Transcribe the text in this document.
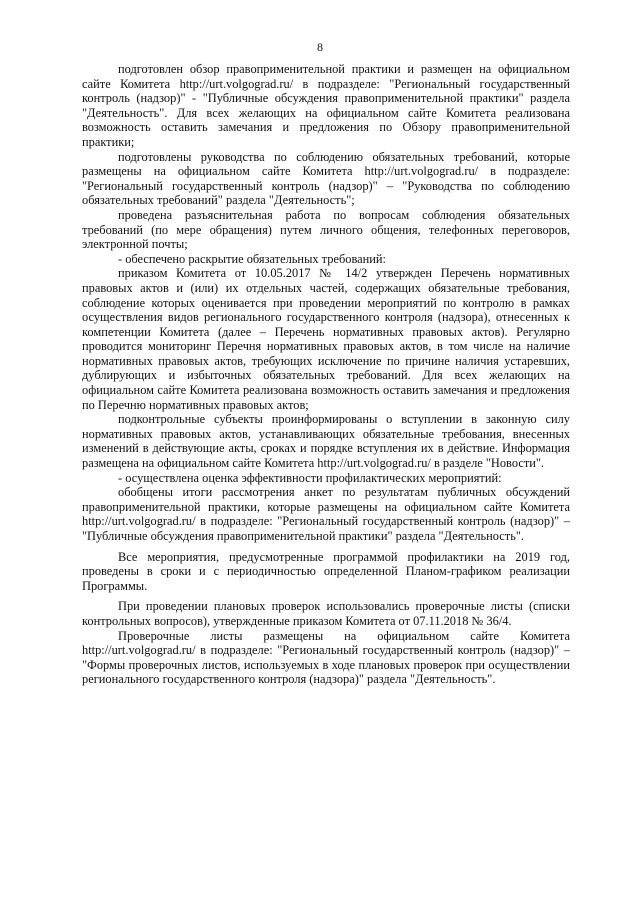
8

подготовлен обзор правоприменительной практики и размещен на официальном сайте Комитета http://urt.volgograd.ru/ в подразделе: "Региональный государственный контроль (надзор)" - "Публичные обсуждения правоприменительной практики" раздела "Деятельность". Для всех желающих на официальном сайте Комитета реализована возможность оставить замечания и предложения по Обзору правоприменительной практики;

подготовлены руководства по соблюдению обязательных требований, которые размещены на официальном сайте Комитета http://urt.volgograd.ru/ в подразделе: "Региональный государственный контроль (надзор)" – "Руководства по соблюдению обязательных требований" раздела "Деятельность";

проведена разъяснительная работа по вопросам соблюдения обязательных требований (по мере обращения) путем личного общения, телефонных переговоров, электронной почты;

- обеспечено раскрытие обязательных требований:

приказом Комитета от 10.05.2017 № 14/2 утвержден Перечень нормативных правовых актов и (или) их отдельных частей, содержащих обязательные требования, соблюдение которых оценивается при проведении мероприятий по контролю в рамках осуществления видов регионального государственного контроля (надзора), отнесенных к компетенции Комитета (далее – Перечень нормативных правовых актов). Регулярно проводится мониторинг Перечня нормативных правовых актов, в том числе на наличие нормативных правовых актов, требующих исключение по причине наличия устаревших, дублирующих и избыточных обязательных требований. Для всех желающих на официальном сайте Комитета реализована возможность оставить замечания и предложения по Перечню нормативных правовых актов;

подконтрольные субъекты проинформированы о вступлении в законную силу нормативных правовых актов, устанавливающих обязательные требования, внесенных изменений в действующие акты, сроках и порядке вступления их в действие. Информация размещена на официальном сайте Комитета http://urt.volgograd.ru/ в разделе "Новости".

- осуществлена оценка эффективности профилактических мероприятий:

обобщены итоги рассмотрения анкет по результатам публичных обсуждений правоприменительной практики, которые размещены на официальном сайте Комитета http://urt.volgograd.ru/ в подразделе: "Региональный государственный контроль (надзор)" – "Публичные обсуждения правоприменительной практики" раздела "Деятельность".

Все мероприятия, предусмотренные программой профилактики на 2019 год, проведены в сроки и с периодичностью определенной Планом-графиком реализации Программы.

При проведении плановых проверок использовались проверочные листы (списки контрольных вопросов), утвержденные приказом Комитета от 07.11.2018 № 36/4.

Проверочные листы размещены на официальном сайте Комитета http://urt.volgograd.ru/ в подразделе: "Региональный государственный контроль (надзор)" – "Формы проверочных листов, используемых в ходе плановых проверок при осуществлении регионального государственного контроля (надзора)" раздела "Деятельность".
